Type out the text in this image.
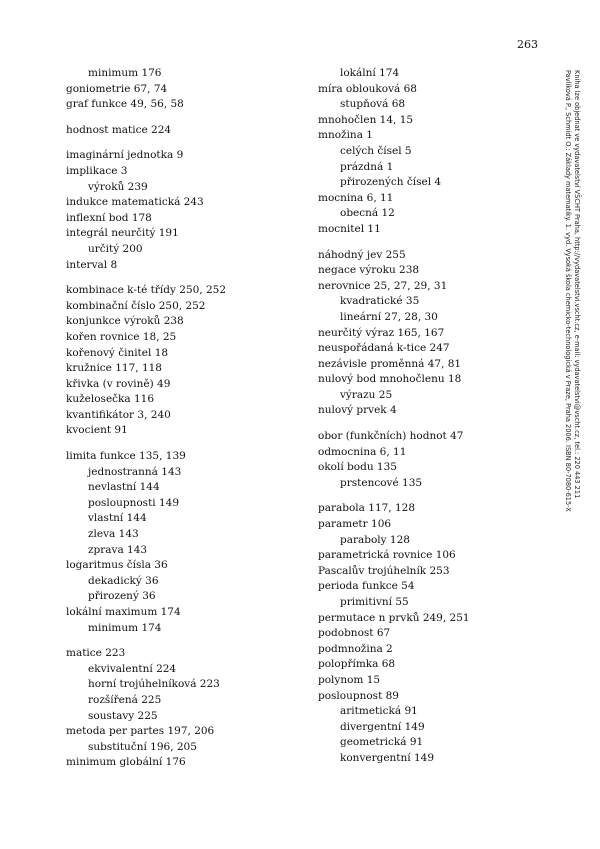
263
minimum 176
goniometrie 67, 74
graf funkce 49, 56, 58
hodnost matice 224
imaginární jednotka 9
implikace 3
výroků 239
indukce matematická 243
inflexní bod 178
integrál neurčitý 191
určitý 200
interval 8
kombinace k-té třídy 250, 252
kombinační číslo 250, 252
konjunkce výroků 238
kořen rovnice 18, 25
kořenový činitel 18
kružnice 117, 118
křivka (v rovině) 49
kuželosečka 116
kvantifikátor 3, 240
kvocient 91
limita funkce 135, 139
jednostranná 143
nevlastní 144
posloupnosti 149
vlastní 144
zleva 143
zprava 143
logaritmus čísla 36
dekadický 36
přirozený 36
lokální maximum 174
minimum 174
matice 223
ekvivalentní 224
horní trojúhelníková 223
rozšířená 225
soustavy 225
metoda per partes 197, 206
substituční 196, 205
minimum globální 176
lokální 174
míra oblouková 68
stupňová 68
mnohočlen 14, 15
množina 1
celých čísel 5
prázdná 1
přirozených čísel 4
mocnina 6, 11
obecná 12
mocnitel 11
náhodný jev 255
negace výroku 238
nerovnice 25, 27, 29, 31
kvadratické 35
lineární 27, 28, 30
neurčitý výraz 165, 167
neuspořádaná k-tice 247
nezávisle proměnná 47, 81
nulový bod mnohočlenu 18
výrazu 25
nulový prvek 4
obor (funkčních) hodnot 47
odmocnina 6, 11
okolí bodu 135
prstencové 135
parabola 117, 128
parametr 106
paraboly 128
parametrická rovnice 106
Pascalův trojúhelník 253
perioda funkce 54
primitivní 55
permutace n prvků 249, 251
podobnost 67
podmnožina 2
polopřímka 68
polynom 15
posloupnost 89
aritmetická 91
divergentní 149
geometrická 91
konvergentní 149
Pavlíková P., Schmidt O.: Základy matematiky. 1. vyd. Vysoká škola chemicko-technologická v Praze, Praha 2006. ISBN 80-7080-615-X Kniha lze objednat ve vydavatelství VŠCHT Praha, http://vydavatelstvi.vscht.cz, e-mail: vydavatelstvi@vscht.cz, tel.: 220 443 211
